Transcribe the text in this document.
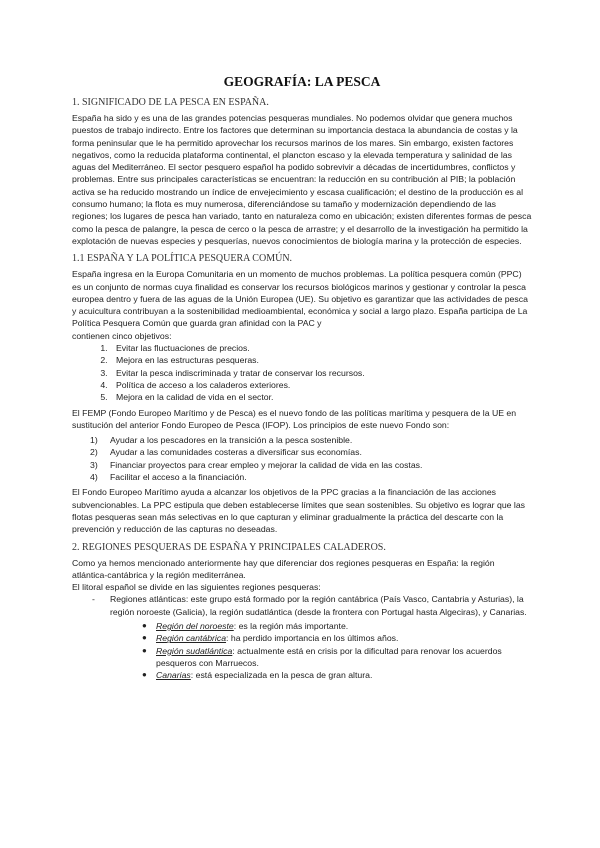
GEOGRAFÍA: LA PESCA
1. SIGNIFICADO DE LA PESCA EN ESPAÑA.

España ha sido y es una de las grandes potencias pesqueras mundiales. No podemos olvidar que genera muchos puestos de trabajo indirecto. Entre los factores que determinan su importancia destaca la abundancia de costas y la forma peninsular que le ha permitido aprovechar los recursos marinos de los mares. Sin embargo, existen factores negativos, como la reducida plataforma continental, el plancton escaso y la elevada temperatura y salinidad de las aguas del Mediterráneo. El sector pesquero español ha podido sobrevivir a décadas de incertidumbres, conflictos y problemas. Entre sus principales características se encuentran: la reducción en su contribución al PIB; la población activa se ha reducido mostrando un índice de envejecimiento y escasa cualificación; el destino de la producción es al consumo humano; la flota es muy numerosa, diferenciándose su tamaño y modernización dependiendo de las regiones; los lugares de pesca han variado, tanto en naturaleza como en ubicación; existen diferentes formas de pesca como la pesca de palangre, la pesca de cerco o la pesca de arrastre; y el desarrollo de la investigación ha permitido la explotación de nuevas especies y pesquerías, nuevos conocimientos de biología marina y la protección de especies.

1.1 ESPAÑA Y LA POLÍTICA PESQUERA COMÚN.

España ingresa en la Europa Comunitaria en un momento de muchos problemas. La política pesquera común (PPC) es un conjunto de normas cuya finalidad es conservar los recursos biológicos marinos y gestionar y controlar la pesca europea dentro y fuera de las aguas de la Unión Europea (UE). Su objetivo es garantizar que las actividades de pesca y acuicultura contribuyan a la sostenibilidad medioambiental, económica y social a largo plazo. España participa de La Política Pesquera Común que guarda gran afinidad con la PAC y

contienen cinco objetivos:

1. Evitar las fluctuaciones de precios.
2. Mejora en las estructuras pesqueras.
3. Evitar la pesca indiscriminada y tratar de conservar los recursos.
4. Política de acceso a los caladeros exteriores.
5. Mejora en la calidad de vida en el sector.

El FEMP (Fondo Europeo Marítimo y de Pesca) es el nuevo fondo de las políticas marítima y pesquera de la UE en sustitución del anterior Fondo Europeo de Pesca (IFOP). Los principios de este nuevo Fondo son:

1) Ayudar a los pescadores en la transición a la pesca sostenible.
2) Ayudar a las comunidades costeras a diversificar sus economías.
3) Financiar proyectos para crear empleo y mejorar la calidad de vida en las costas.
4) Facilitar el acceso a la financiación.

El Fondo Europeo Marítimo ayuda a alcanzar los objetivos de la PPC gracias a la financiación de las acciones subvencionables. La PPC estipula que deben establecerse límites que sean sostenibles. Su objetivo es lograr que las flotas pesqueras sean más selectivas en lo que capturan y eliminar gradualmente la práctica del descarte con la prevención y reducción de las capturas no deseadas.

2. REGIONES PESQUERAS DE ESPAÑA Y PRINCIPALES CALADEROS.

Como ya hemos mencionado anteriormente hay que diferenciar dos regiones pesqueras en España: la región atlántica-cantábrica y la región mediterránea.

El litoral español se divide en las siguientes regiones pesqueras:

- Regiones atlánticas: este grupo está formado por la región cantábrica (País Vasco, Cantabria y Asturias), la región noroeste (Galicia), la región sudatlántica (desde la frontera con Portugal hasta Algeciras), y Canarias.
● Región del noroeste: es la región más importante.
● Región cantábrica: ha perdido importancia en los últimos años.
● Región sudatlántica: actualmente está en crisis por la dificultad para renovar los acuerdos pesqueros con Marruecos.
● Canarias: está especializada en la pesca de gran altura.
